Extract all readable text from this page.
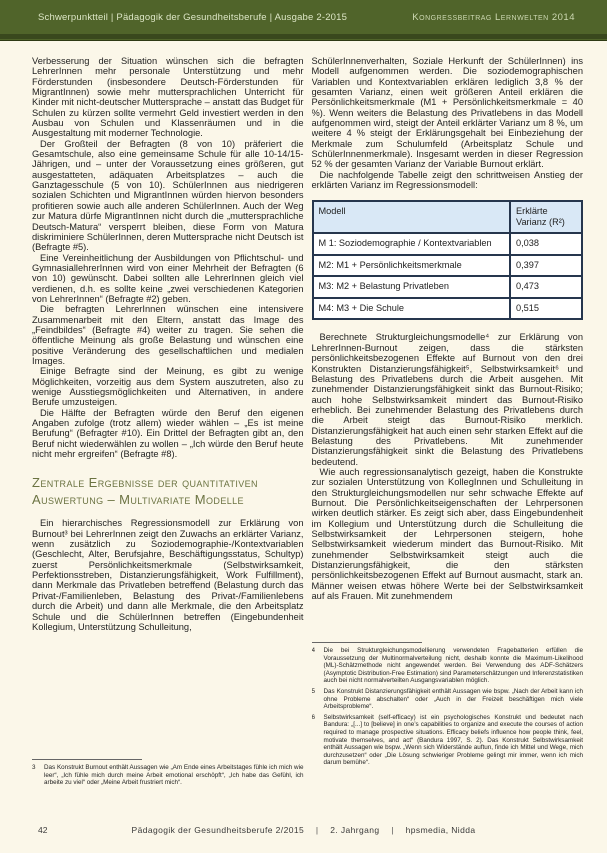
Schwerpunktteil | Pädagogik der Gesundheitsberufe | Ausgabe 2-2015	Kongressbeitrag Lernwelten 2014

Verbesserung der Situation wünschen sich die befragten LehrerInnen mehr personale Unterstützung und mehr Förderstunden (insbesondere Deutsch-Förderstunden für MigrantInnen) sowie mehr muttersprachlichen Unterricht für Kinder mit nicht-deutscher Muttersprache – anstatt das Budget für Schulen zu kürzen sollte vermehrt Geld investiert werden in den Ausbau von Schulen und Klassenräumen und in die Ausgestaltung mit moderner Technologie.

Der Großteil der Befragten (8 von 10) präferiert die Gesamtschule, also eine gemeinsame Schule für alle 10-14/15-Jährigen, und – unter der Voraussetzung eines größeren, gut ausgestatteten, adäquaten Arbeitsplatzes – auch die Ganztagesschule (5 von 10). SchülerInnen aus niedrigeren sozialen Schichten und MigrantInnen würden hiervon besonders profitieren sowie auch alle anderen SchülerInnen. Auch der Weg zur Matura dürfe MigrantInnen nicht durch die „muttersprachliche Deutsch-Matura“ versperrt bleiben, diese Form von Matura diskriminiere SchülerInnen, deren Muttersprache nicht Deutsch ist (Befragte #5).

Eine Vereinheitlichung der Ausbildungen von Pflichtschul- und GymnasiallehrerInnen wird von einer Mehrheit der Befragten (6 von 10) gewünscht. Dabei sollten alle LehrerInnen gleich viel verdienen, d.h. es sollte keine „zwei verschiedenen Kategorien von LehrerInnen“ (Befragte #2) geben.

Die befragten LehrerInnen wünschen eine intensivere Zusammenarbeit mit den Eltern, anstatt das Image des „Feindbildes“ (Befragte #4) weiter zu tragen. Sie sehen die öffentliche Meinung als große Belastung und wünschen eine positive Veränderung des gesellschaftlichen und medialen Images.

Einige Befragte sind der Meinung, es gibt zu wenige Möglichkeiten, vorzeitig aus dem System auszutreten, also zu wenige Ausstiegsmöglichkeiten und Alternativen, in andere Berufe umzusteigen.

Die Hälfte der Befragten würde den Beruf den eigenen Angaben zufolge (trotz allem) wieder wählen – „Es ist meine Berufung“ (Befragter #10). Ein Drittel der Befragten gibt an, den Beruf nicht wiederwählen zu wollen – „Ich würde den Beruf heute nicht mehr ergreifen“ (Befragte #8).

Zentrale Ergebnisse der quantitativen Auswertung – Multivariate Modelle

Ein hierarchisches Regressionsmodell zur Erklärung von Burnout³ bei LehrerInnen zeigt den Zuwachs an erklärter Varianz, wenn zusätzlich zu Soziodemographie-/Kontextvariablen (Geschlecht, Alter, Berufsjahre, Beschäftigungsstatus, Schultyp) zuerst Persönlichkeitsmerkmale (Selbstwirksamkeit, Perfektionsstreben, Distanzierungsfähigkeit, Work Fulfillment), dann Merkmale das Privatleben betreffend (Belastung durch das Privat-/Familienleben, Belastung des Privat-/Familienlebens durch die Arbeit) und dann alle Merkmale, die den Arbeitsplatz Schule und die SchülerInnen betreffen (Eingebundenheit Kollegium, Unterstützung Schulleitung,

3	Das Konstrukt Burnout enthält Aussagen wie „Am Ende eines Arbeitstages fühle ich mich wie leer“, „Ich fühle mich durch meine Arbeit emotional erschöpft“, „Ich habe das Gefühl, ich arbeite zu viel“ oder „Meine Arbeit frustriert mich“.

SchülerInnenverhalten, Soziale Herkunft der SchülerInnen) ins Modell aufgenommen werden. Die soziodemographischen Variablen und Kontextvariablen erklären lediglich 3,8 % der gesamten Varianz, einen weit größeren Anteil erklären die Persönlichkeitsmerkmale (M1 + Persönlichkeitsmerkmale = 40 %). Wenn weiters die Belastung des Privatlebens in das Modell aufgenommen wird, steigt der Anteil erklärter Varianz um 8 %, um weitere 4 % steigt der Erklärungsgehalt bei Einbeziehung der Merkmale zum Schulumfeld (Arbeitsplatz Schule und SchülerInnenmerkmale). Insgesamt werden in dieser Regression 52 % der gesamten Varianz der Variable Burnout erklärt.

Die nachfolgende Tabelle zeigt den schrittweisen Anstieg der erklärten Varianz im Regressionsmodell:

Modell	Erklärte Varianz (R²)
M 1: Soziodemographie / Kontextvariablen	0,038
M2: M1 + Persönlichkeitsmerkmale	0,397
M3: M2 + Belastung Privatleben	0,473
M4: M3 + Die Schule	0,515

Berechnete Strukturgleichungsmodelle⁴ zur Erklärung von LehrerInnen-Burnout zeigen, dass die stärksten persönlichkeitsbezogenen Effekte auf Burnout von den drei Konstrukten Distanzierungsfähigkeit⁵, Selbstwirksamkeit⁶ und Belastung des Privatlebens durch die Arbeit ausgehen. Mit zunehmender Distanzierungsfähigkeit sinkt das Burnout-Risiko; auch hohe Selbstwirksamkeit mindert das Burnout-Risiko erheblich. Bei zunehmender Belastung des Privatlebens durch die Arbeit steigt das Burnout-Risiko merklich. Distanzierungsfähigkeit hat auch einen sehr starken Effekt auf die Belastung des Privatlebens. Mit zunehmender Distanzierungsfähigkeit sinkt die Belastung des Privatlebens bedeutend.

Wie auch regressionsanalytisch gezeigt, haben die Konstrukte zur sozialen Unterstützung von KollegInnen und Schulleitung in den Strukturgleichungsmodellen nur sehr schwache Effekte auf Burnout. Die Persönlichkeitseigenschaften der Lehrpersonen wirken deutlich stärker. Es zeigt sich aber, dass Eingebundenheit im Kollegium und Unterstützung durch die Schulleitung die Selbstwirksamkeit der Lehrpersonen steigern, hohe Selbstwirksamkeit wiederum mindert das Burnout-Risiko. Mit zunehmender Selbstwirksamkeit steigt auch die Distanzierungsfähigkeit, die den stärksten persönlichkeitsbezogenen Effekt auf Burnout ausmacht, stark an. Männer weisen etwas höhere Werte bei der Selbstwirksamkeit auf als Frauen. Mit zunehmendem

4	Die bei Strukturgleichungsmodellierung verwendeten Fragebatterien erfüllen die Voraussetzung der Multinormalverteilung nicht, deshalb konnte die Maximum-Likelihood (ML)-Schätzmethode nicht angewendet werden. Bei Verwendung des ADF-Schätzers (Asymptotic Distribution-Free Estimation) sind Parameterschätzungen und Inferenzstatistiken auch bei nicht normalverteilten Ausgangsvariablen möglich.
5	Das Konstrukt Distanzierungsfähigkeit enthält Aussagen wie bspw. „Nach der Arbeit kann ich ohne Probleme abschalten“ oder „Auch in der Freizeit beschäftigen mich viele Arbeitsprobleme“.
6	Selbstwirksamkeit (self-efficacy) ist ein psychologisches Konstrukt und bedeutet nach Bandura: „[...] to [believe] in one’s capabilities to organize and execute the courses of action required to manage prospective situations. Efficacy beliefs influence how people think, feel, motivate themselves, and act“ (Bandura 1997, S. 2). Das Konstrukt Selbstwirksamkeit enthält Aussagen wie bspw. „Wenn sich Widerstände auftun, finde ich Mittel und Wege, mich durchzusetzen“ oder „Die Lösung schwieriger Probleme gelingt mir immer, wenn ich mich darum bemühe“.
42	Pädagogik der Gesundheitsberufe 2/2015 | 2. Jahrgang | hpsmedia, Nidda
